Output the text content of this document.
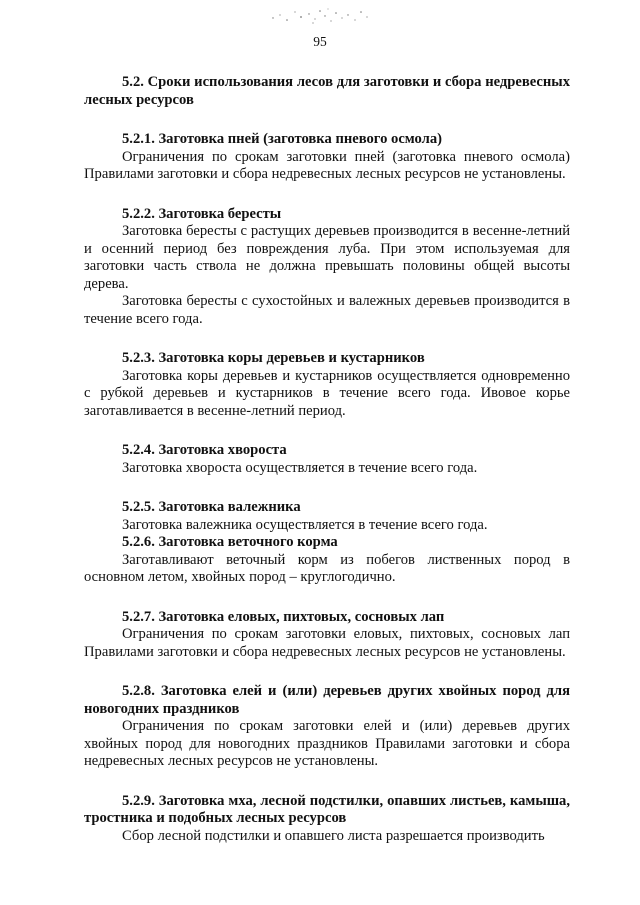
95
5.2. Сроки использования лесов для заготовки и сбора недревесных лесных ресурсов
5.2.1. Заготовка пней (заготовка пневого осмола)
Ограничения по срокам заготовки пней (заготовка пневого осмола) Правилами заготовки и сбора недревесных лесных ресурсов не установлены.
5.2.2. Заготовка бересты
Заготовка бересты с растущих деревьев производится в весенне-летний и осенний период без повреждения луба. При этом используемая для заготовки часть ствола не должна превышать половины общей высоты дерева.
Заготовка бересты с сухостойных и валежных деревьев производится в течение всего года.
5.2.3. Заготовка коры деревьев и кустарников
Заготовка коры деревьев и кустарников осуществляется одновременно с рубкой деревьев и кустарников в течение всего года. Ивовое корье заготавливается в весенне-летний период.
5.2.4. Заготовка хвороста
Заготовка хвороста осуществляется в течение всего года.
5.2.5. Заготовка валежника
Заготовка валежника осуществляется в течение всего года.
5.2.6. Заготовка веточного корма
Заготавливают веточный корм из побегов лиственных пород в основном летом, хвойных пород – круглогодично.
5.2.7. Заготовка еловых, пихтовых, сосновых лап
Ограничения по срокам заготовки еловых, пихтовых, сосновых лап Правилами заготовки и сбора недревесных лесных ресурсов не установлены.
5.2.8. Заготовка елей и (или) деревьев других хвойных пород для новогодних праздников
Ограничения по срокам заготовки елей и (или) деревьев других хвойных пород для новогодних праздников Правилами заготовки и сбора недревесных лесных ресурсов не установлены.
5.2.9. Заготовка мха, лесной подстилки, опавших листьев, камыша, тростника и подобных лесных ресурсов
Сбор лесной подстилки и опавшего листа разрешается производить
